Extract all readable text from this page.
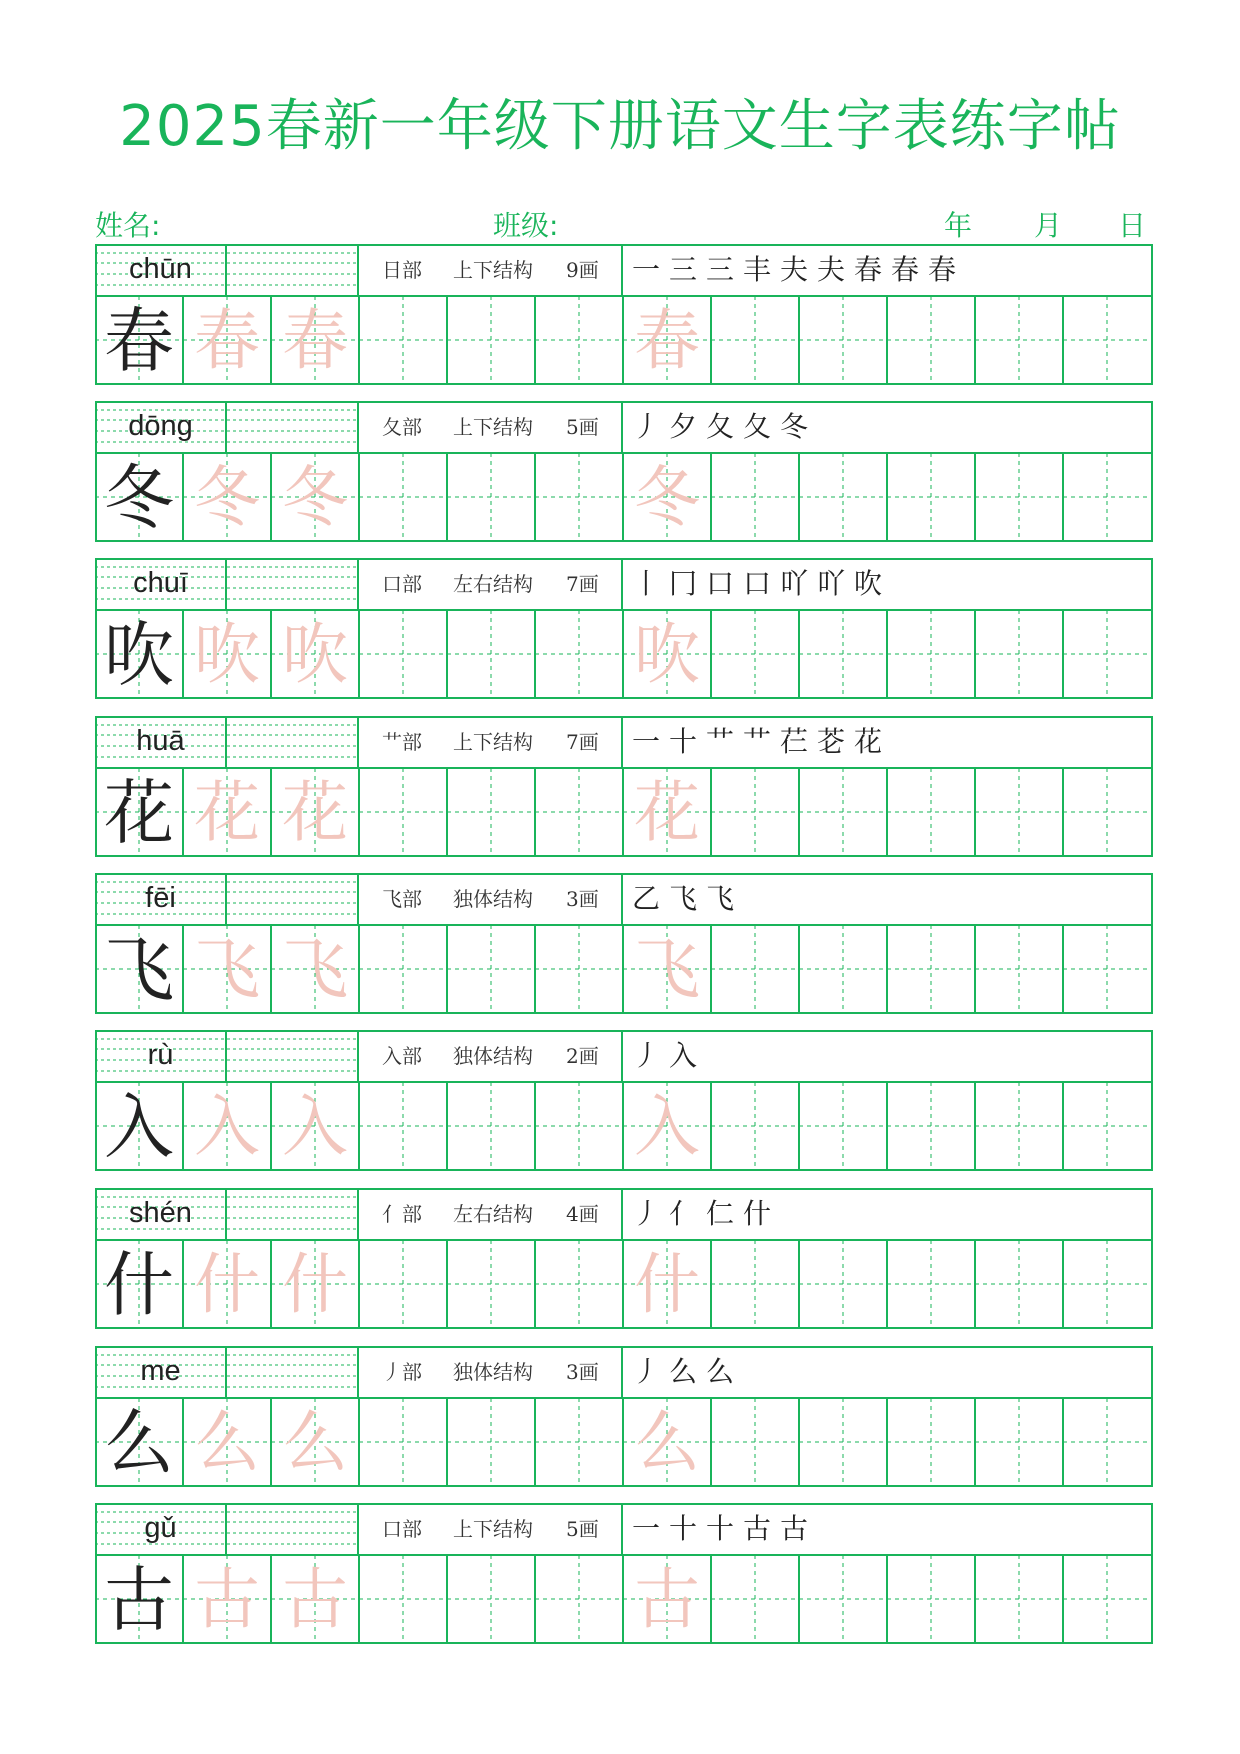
2025春新一年级下册语文生字表练字帖
姓名:	班级:	年 月 日
chūn	日部 上下结构 9画 一 三 三 丰 夫 夫 春 春 春
春 春 春	春
dōng	夂部 上下结构 5画 丿 夕 夂 夂 冬
冬 冬 冬	冬
chuī	口部 左右结构 7画 丨 冂 口 口 吖 吖 吹
吹 吹 吹	吹
huā	艹部 上下结构 7画 一 十 艹 艹 芢 芲 花
花 花 花	花
fēi	飞部 独体结构 3画 乙 飞 飞
飞 飞 飞	飞
rù	入部 独体结构 2画 丿 入
入 入 入	入
shén	亻部 左右结构 4画 丿 亻 仁 什
什 什 什	什
me	丿部 独体结构 3画 丿 么 么
么 么 么	么
gǔ	口部 上下结构 5画 一 十 十 古 古
古 古 古	古
